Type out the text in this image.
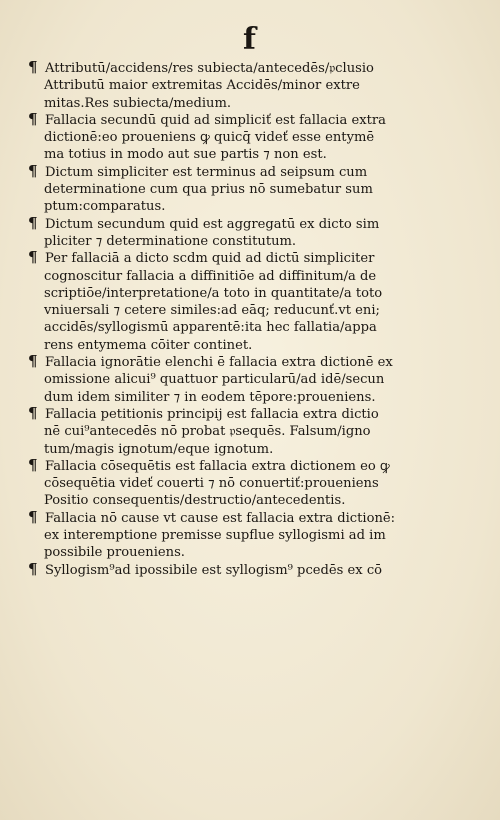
f
¶ Attributū/accidens/res subiecta/antecedēs/𝔭clusio
Attributū maior extremitas Accidēs/minor extre
mitas.Res subiecta/medium.
¶ Fallacia secundū quid ad simpliciť est fallacia extra
dictionē:eo proueniens ꝙ quicq̄ videť esse entymē
ma totius in modo aut sue partis ⁊ non est.
¶ Dictum simpliciter est terminus ad seipsum cum
determinatione cum qua prius nō sumebatur sum
ptum:comparatus.
¶ Dictum secundum quid est aggregatū ex dicto sim
pliciter ⁊ determinatione constitutum.
¶ Per fallaciā a dicto scdm quid ad dictū simpliciter
cognoscitur fallacia a diffinitiōe ad diffinitum/a de
scriptiōe/interpretatione/a toto in quantitate/a toto
vniuersali ⁊ cetere similes:ad eāq; reducunť.vt eni;
accidēs/syllogismū apparentē:ita hec fallatia/appa
rens entymema cōiter continet.
¶ Fallacia ignorātie elenchi ē fallacia extra dictionē ex
omissione alicui⁹ quattuor particularū/ad idē/secun
dum idem similiter ⁊ in eodem tēpore:proueniens.
¶ Fallacia petitionis principij est fallacia extra dictio
nē cui⁹antecedēs nō probat 𝔭sequēs. Falsum/igno
tum/magis ignotum/eque ignotum.
¶ Fallacia cōsequētis est fallacia extra dictionem eo ꝙ
cōsequētia videť couerti ⁊ nō conuertiť:proueniens
Positio consequentis/destructio/antecedentis.
¶ Fallacia nō cause vt cause est fallacia extra dictionē:
ex interemptione premisse supflue syllogismi ad im
possibile proueniens.
¶ Syllogism⁹ad ipossibile est syllogism⁹ pcedēs ex cō
